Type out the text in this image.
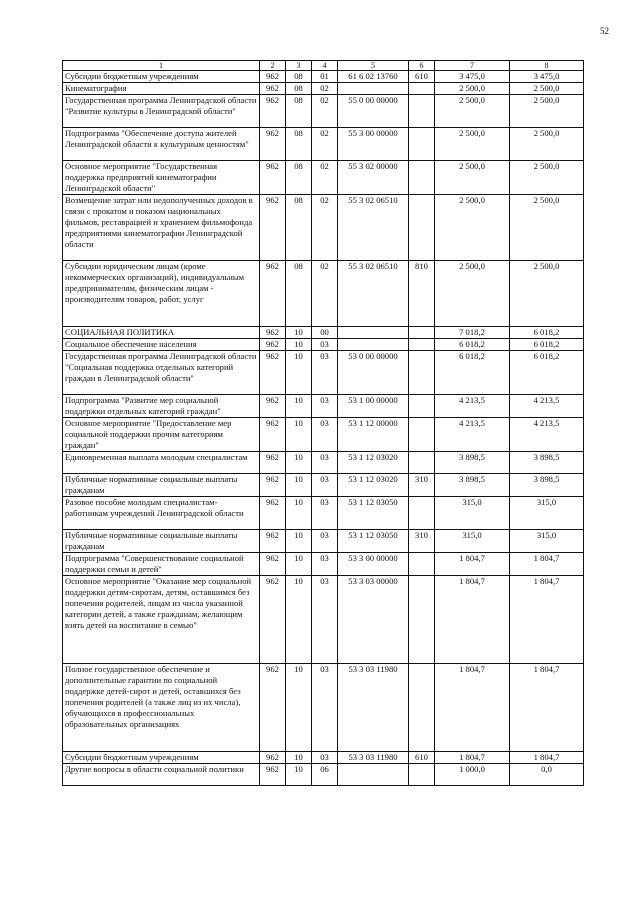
52
1	2	3	4	5	6	7	8
Субсидии бюджетным учреждениям	962	08	01	61 6 02 13760	610	3 475,0	3 475,0
Кинематография	962	08	02			2 500,0	2 500,0
Государственная программа Ленинградской области "Развитие культуры в Ленинградской области"	962	08	02	55 0 00 00000		2 500,0	2 500,0
Подпрограмма "Обеспечение доступа жителей Ленинградской области к культурным ценностям"	962	08	02	55 3 00 00000		2 500,0	2 500,0
Основное мероприятие "Государственная поддержка предприятий кинематографии Ленинградской области"	962	08	02	55 3 02 00000		2 500,0	2 500,0
Возмещение затрат или недополученных доходов в связи с прокатом и показом национальных фильмов, реставрацией и хранением фильмофонда предприятиями кинематографии Ленинградской области	962	08	02	55 3 02 06510		2 500,0	2 500,0
Субсидии юридическим лицам (кроме некоммерческих организаций), индивидуальным предпринимателям, физическим лицам - производителям товаров, работ, услуг	962	08	02	55 3 02 06510	810	2 500,0	2 500,0
СОЦИАЛЬНАЯ ПОЛИТИКА	962	10	00			7 018,2	6 018,2
Социальное обеспечение населения	962	10	03			6 018,2	6 018,2
Государственная программа Ленинградской области "Социальная поддержка отдельных категорий граждан в Ленинградской области"	962	10	03	53 0 00 00000		6 018,2	6 018,2
Подпрограмма "Развитие мер социальной поддержки отдельных категорий граждан"	962	10	03	53 1 00 00000		4 213,5	4 213,5
Основное мероприятие "Предоставление мер социальной поддержки прочим категориям граждан"	962	10	03	53 1 12 00000		4 213,5	4 213,5
Единовременная выплата молодым специалистам	962	10	03	53 1 12 03020		3 898,5	3 898,5
Публичные нормативные социальные выплаты гражданам	962	10	03	53 1 12 03020	310	3 898,5	3 898,5
Разовое пособие молодым специалистам-работникам учреждений Ленинградской области	962	10	03	53 1 12 03050		315,0	315,0
Публичные нормативные социальные выплаты гражданам	962	10	03	53 1 12 03050	310	315,0	315,0
Подпрограмма "Совершенствование социальной поддержки семьи и детей"	962	10	03	53 3 00 00000		1 804,7	1 804,7
Основное мероприятие "Оказание мер социальной поддержки детям-сиротам, детям, оставшимся без попечения родителей, лицам из числа указанной категории детей, а также гражданам, желающим взять детей на воспитание в семью"	962	10	03	53 3 03 00000		1 804,7	1 804,7
Полное государственное обеспечение и дополнительные гарантии по социальной поддержке детей-сирот и детей, оставшихся без попечения родителей (а также лиц из их числа), обучающихся в профессиональных образовательных организациях	962	10	03	53 3 03 11980		1 804,7	1 804,7
Субсидии бюджетным учреждениям	962	10	03	53 3 03 11980	610	1 804,7	1 804,7
Другие вопросы в области социальной политики	962	10	06			1 000,0	0,0
